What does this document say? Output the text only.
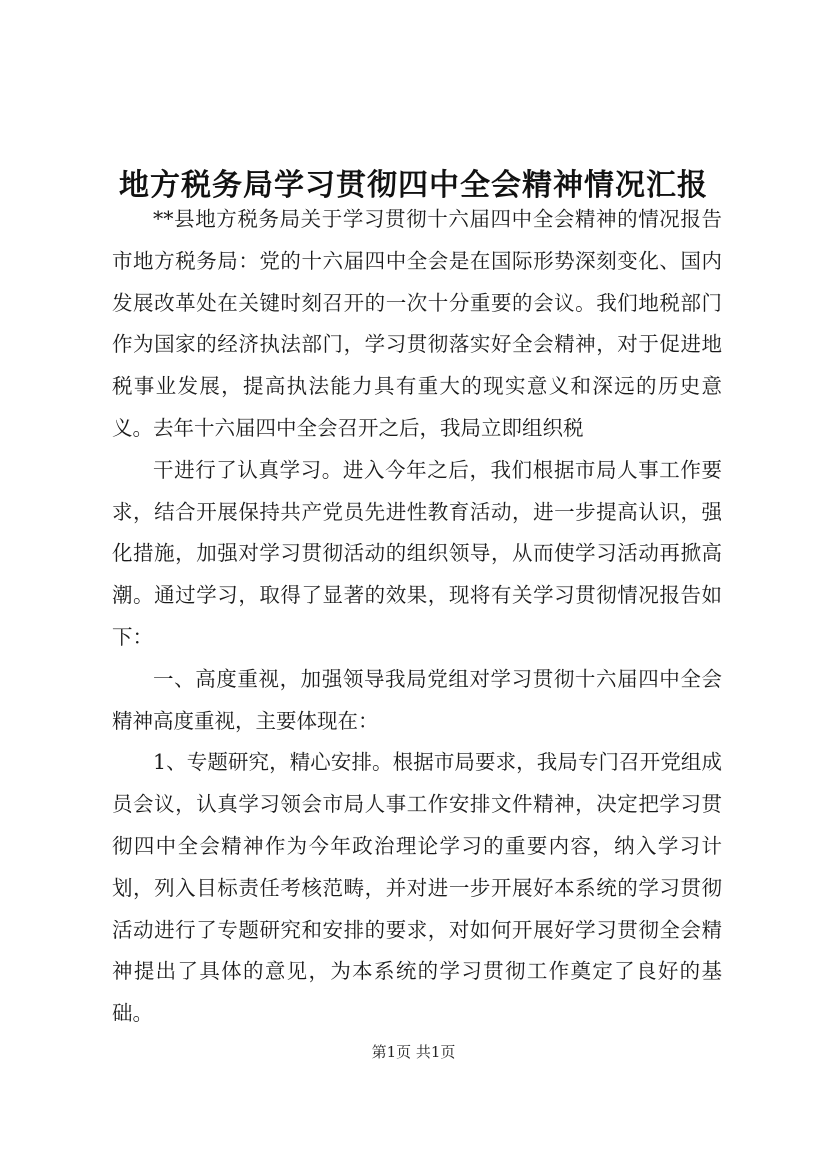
地方税务局学习贯彻四中全会精神情况汇报

**县地方税务局关于学习贯彻十六届四中全会精神的情况报告市地方税务局：党的十六届四中全会是在国际形势深刻变化、国内发展改革处在关键时刻召开的一次十分重要的会议。我们地税部门作为国家的经济执法部门，学习贯彻落实好全会精神，对于促进地税事业发展，提高执法能力具有重大的现实意义和深远的历史意义。去年十六届四中全会召开之后，我局立即组织税

干进行了认真学习。进入今年之后，我们根据市局人事工作要求，结合开展保持共产党员先进性教育活动，进一步提高认识，强化措施，加强对学习贯彻活动的组织领导，从而使学习活动再掀高潮。通过学习，取得了显著的效果，现将有关学习贯彻情况报告如下：

一、高度重视，加强领导我局党组对学习贯彻十六届四中全会精神高度重视，主要体现在：

1、专题研究，精心安排。根据市局要求，我局专门召开党组成员会议，认真学习领会市局人事工作安排文件精神，决定把学习贯彻四中全会精神作为今年政治理论学习的重要内容，纳入学习计划，列入目标责任考核范畴，并对进一步开展好本系统的学习贯彻活动进行了专题研究和安排的要求，对如何开展好学习贯彻全会精神提出了具体的意见，为本系统的学习贯彻工作奠定了良好的基础。

第1页 共1页
